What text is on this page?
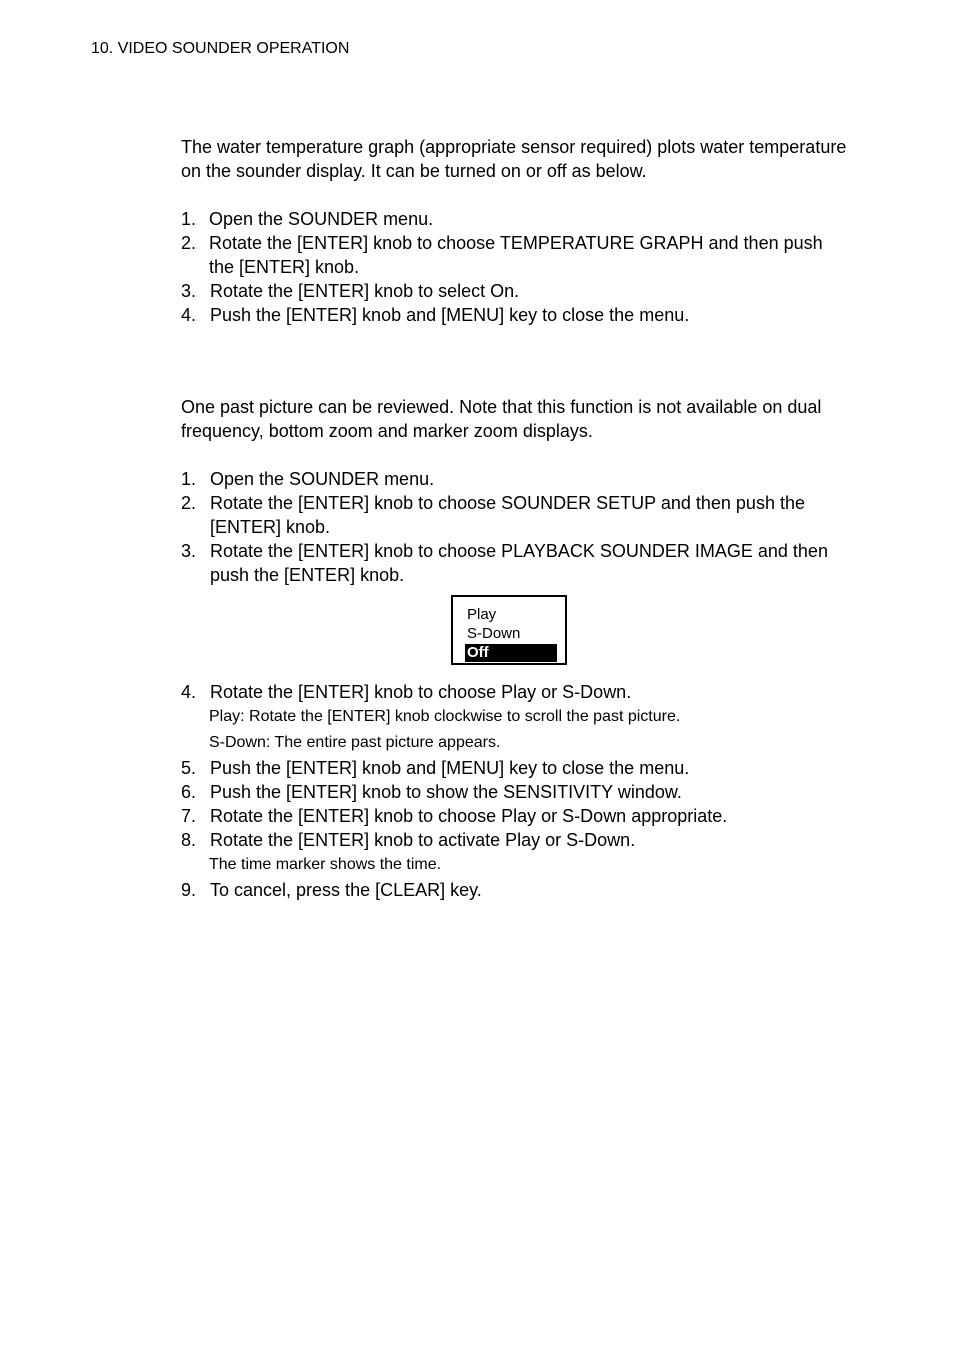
10. VIDEO SOUNDER OPERATION
The water temperature graph (appropriate sensor required) plots water temperature on the sounder display. It can be turned on or off as below.
1. Open the SOUNDER menu.
2. Rotate the [ENTER] knob to choose TEMPERATURE GRAPH and then push the [ENTER] knob.
3. Rotate the [ENTER] knob to select On.
4. Push the [ENTER] knob and [MENU] key to close the menu.
One past picture can be reviewed. Note that this function is not available on dual frequency, bottom zoom and marker zoom displays.
1. Open the SOUNDER menu.
2. Rotate the [ENTER] knob to choose SOUNDER SETUP and then push the [ENTER] knob.
3. Rotate the [ENTER] knob to choose PLAYBACK SOUNDER IMAGE and then push the [ENTER] knob.
Play
S-Down
Off
4. Rotate the [ENTER] knob to choose Play or S-Down.
Play: Rotate the [ENTER] knob clockwise to scroll the past picture.
S-Down: The entire past picture appears.
5. Push the [ENTER] knob and [MENU] key to close the menu.
6. Push the [ENTER] knob to show the SENSITIVITY window.
7. Rotate the [ENTER] knob to choose Play or S-Down appropriate.
8. Rotate the [ENTER] knob to activate Play or S-Down.
The time marker shows the time.
9. To cancel, press the [CLEAR] key.
